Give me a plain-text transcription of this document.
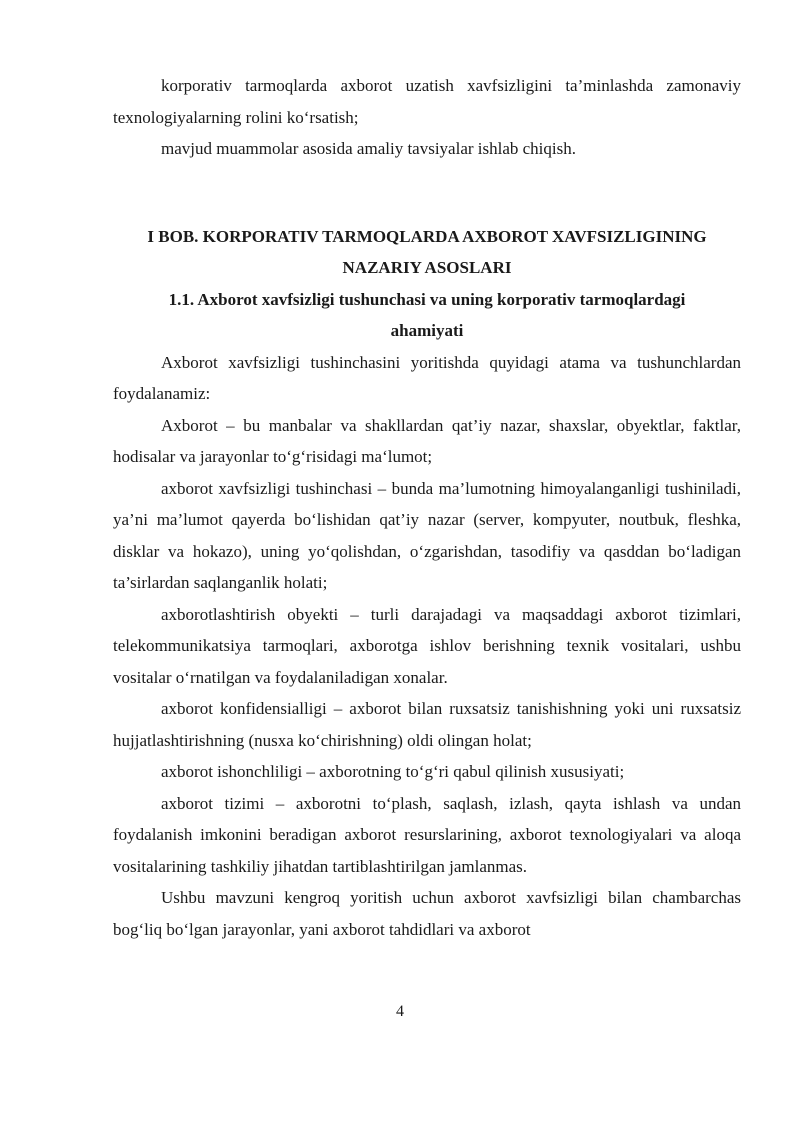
korporativ tarmoqlarda axborot uzatish xavfsizligini ta’minlashda zamonaviy texnologiyalarning rolini ko‘rsatish;

mavjud muammolar asosida amaliy tavsiyalar ishlab chiqish.

I BOB. KORPORATIV TARMOQLARDA AXBOROT XAVFSIZLIGINING NAZARIY ASOSLARI
1.1. Axborot xavfsizligi tushunchasi va uning korporativ tarmoqlardagi ahamiyati

Axborot xavfsizligi tushinchasini yoritishda quyidagi atama va tushunchlardan foydalanamiz:

Axborot – bu manbalar va shakllardan qat’iy nazar, shaxslar, obyektlar, faktlar, hodisalar va jarayonlar to‘g‘risidagi ma‘lumot;

axborot xavfsizligi tushinchasi – bunda ma’lumotning himoyalanganligi tushiniladi, ya’ni ma’lumot qayerda bo‘lishidan qat’iy nazar (server, kompyuter, noutbuk, fleshka, disklar va hokazo), uning yo‘qolishdan, o‘zgarishdan, tasodifiy va qasddan bo‘ladigan ta’sirlardan saqlanganlik holati;

axborotlashtirish obyekti – turli darajadagi va maqsaddagi axborot tizimlari, telekommunikatsiya tarmoqlari, axborotga ishlov berishning texnik vositalari, ushbu vositalar o‘rnatilgan va foydalaniladigan xonalar.

axborot konfidensialligi – axborot bilan ruxsatsiz tanishishning yoki uni ruxsatsiz hujjatlashtirishning (nusxa ko‘chirishning) oldi olingan holat;

axborot ishonchliligi – axborotning to‘g‘ri qabul qilinish xususiyati;

axborot tizimi – axborotni to‘plash, saqlash, izlash, qayta ishlash va undan foydalanish imkonini beradigan axborot resurslarining, axborot texnologiyalari va aloqa vositalarining tashkiliy jihatdan tartiblashtirilgan jamlanmas.

Ushbu mavzuni kengroq yoritish uchun axborot xavfsizligi bilan chambarchas bog‘liq bo‘lgan jarayonlar, yani axborot tahdidlari va axborot

4
